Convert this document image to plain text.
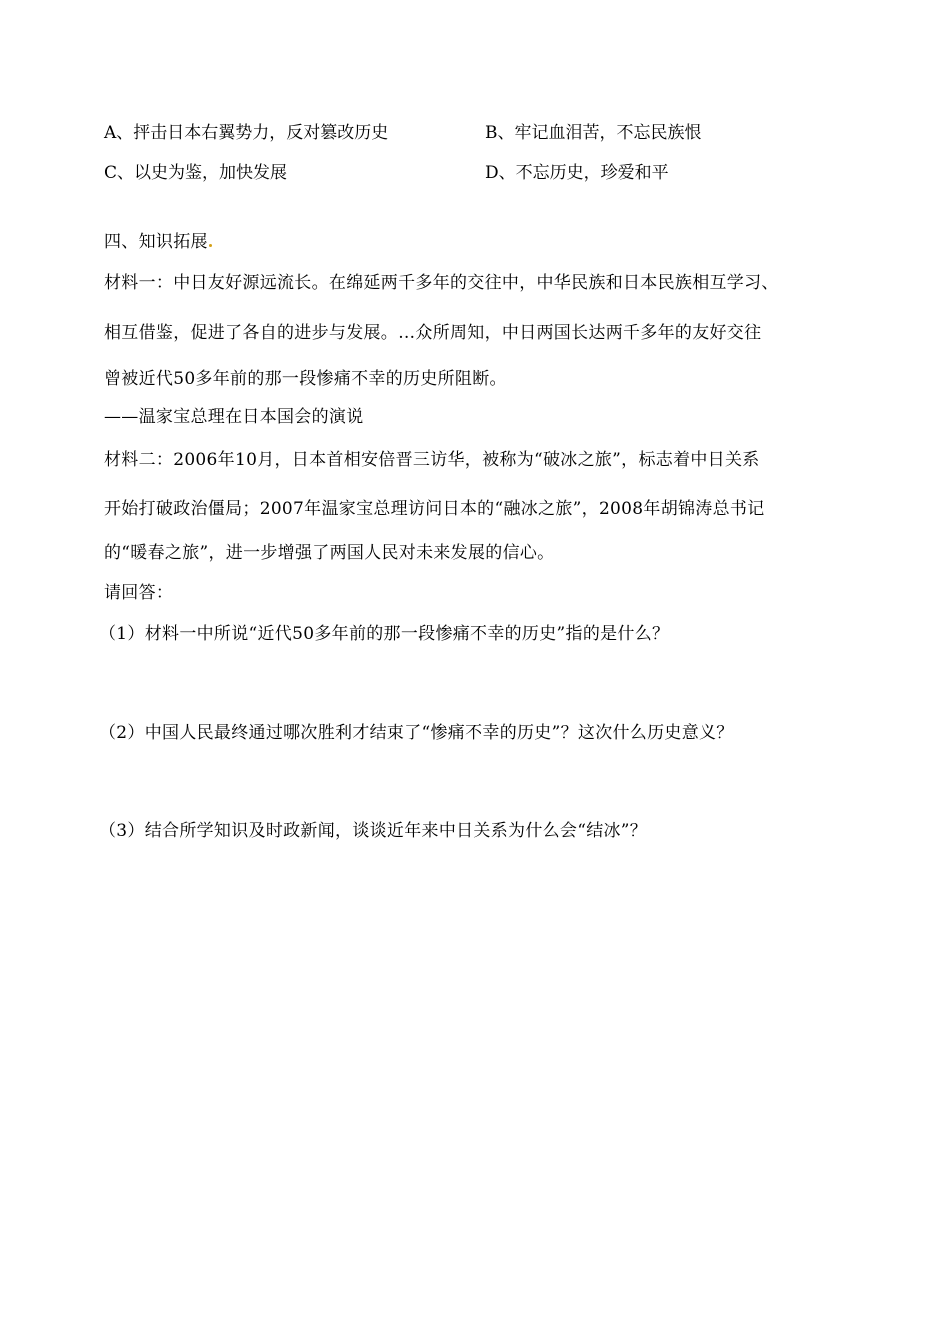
A、抨击日本右翼势力，反对篡改历史	B、牢记血泪苦，不忘民族恨
C、以史为鉴，加快发展	D、不忘历史，珍爱和平
四、知识拓展
材料一：中日友好源远流长。在绵延两千多年的交往中，中华民族和日本民族相互学习、
相互借鉴，促进了各自的进步与发展。…众所周知，中日两国长达两千多年的友好交往
曾被近代50多年前的那一段惨痛不幸的历史所阻断。
——温家宝总理在日本国会的演说
材料二：2006年10月，日本首相安倍晋三访华，被称为“破冰之旅”，标志着中日关系
开始打破政治僵局；2007年温家宝总理访问日本的“融冰之旅”，2008年胡锦涛总书记
的“暖春之旅”，进一步增强了两国人民对未来发展的信心。
请回答：
（1）材料一中所说“近代50多年前的那一段惨痛不幸的历史”指的是什么？
（2）中国人民最终通过哪次胜利才结束了“惨痛不幸的历史”？这次什么历史意义？
（3）结合所学知识及时政新闻，谈谈近年来中日关系为什么会“结冰”？
